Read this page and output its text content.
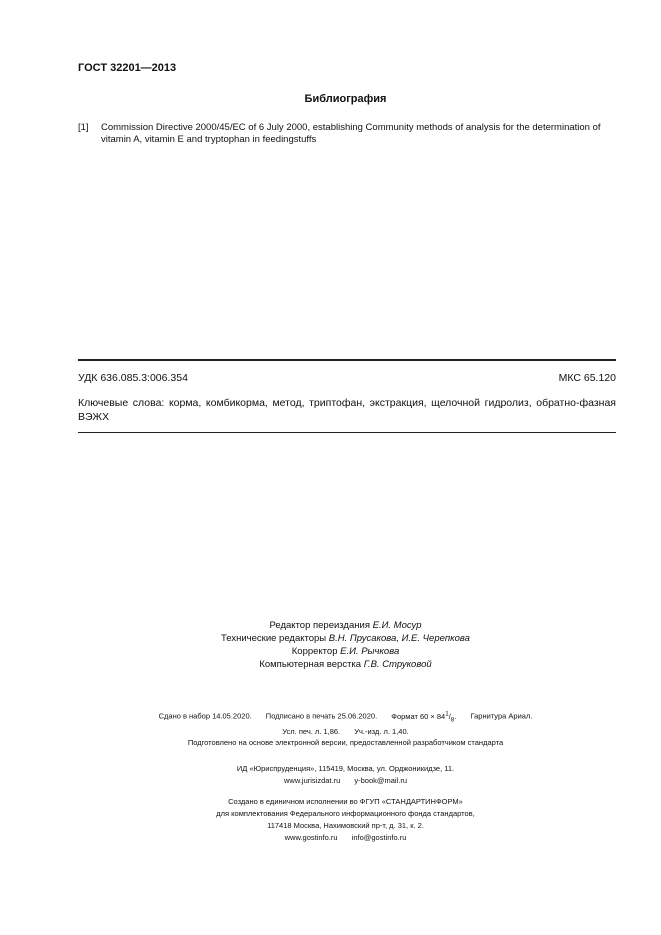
ГОСТ 32201—2013
Библиография
[1] Commission Directive 2000/45/EC of 6 July 2000, establishing Community methods of analysis for the determination of vitamin A, vitamin E and tryptophan in feedingstuffs
УДК 636.085.3:006.354	МКС 65.120
Ключевые слова: корма, комбикорма, метод, триптофан, экстракция, щелочной гидролиз, обратно-фазная ВЭЖХ
Редактор переиздания Е.И. Мосур
Технические редакторы В.Н. Прусакова, И.Е. Черепкова
Корректор Е.И. Рычкова
Компьютерная верстка Г.В. Струковой
Сдано в набор 14.05.2020. Подписано в печать 25.06.2020. Формат $60 \times 84^1/_8$. Гарнитура Ариал.
Усл. печ. л. 1,86. Уч.-изд. л. 1,40.
Подготовлено на основе электронной версии, предоставленной разработчиком стандарта
ИД «Юриспруденция», 115419, Москва, ул. Орджоникидзе, 11.
www.jurisizdat.ru y-book@mail.ru
Создано в единичном исполнении во ФГУП «СТАНДАРТИНФОРМ»
для комплектования Федерального информационного фонда стандартов,
117418 Москва, Нахимовский пр-т, д. 31, к. 2.
www.gostinfo.ru info@gostinfo.ru
